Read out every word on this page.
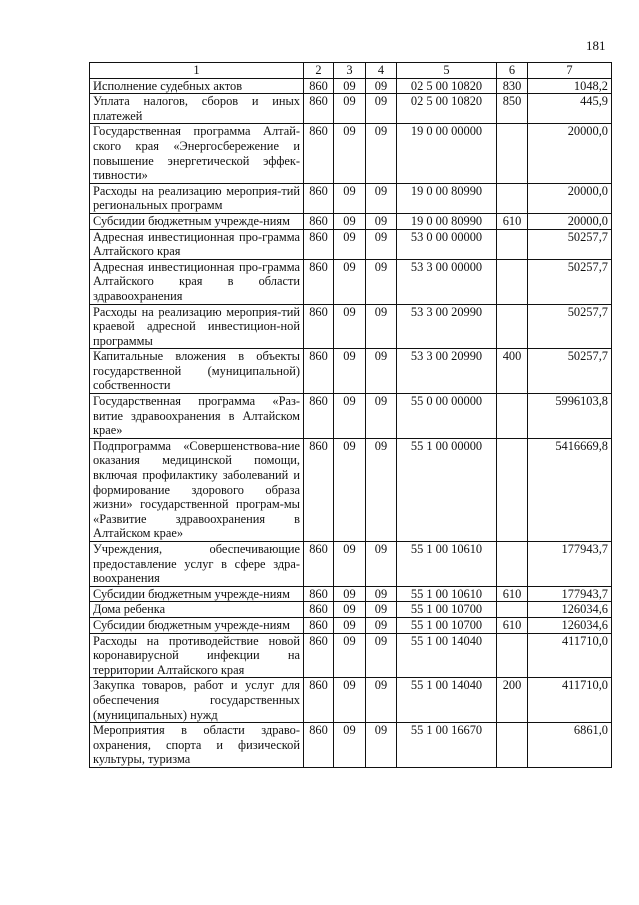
181
1	2	3	4	5	6	7
Исполнение судебных актов	860	09	09	02 5 00 10820	830	1048,2
Уплата налогов, сборов и иных платежей	860	09	09	02 5 00 10820	850	445,9
Государственная программа Алтай-ского края «Энергосбережение и повышение энергетической эффек-тивности»	860	09	09	19 0 00 00000		20000,0
Расходы на реализацию мероприя-тий региональных программ	860	09	09	19 0 00 80990		20000,0
Субсидии бюджетным учрежде-ниям	860	09	09	19 0 00 80990	610	20000,0
Адресная инвестиционная про-грамма Алтайского края	860	09	09	53 0 00 00000		50257,7
Адресная инвестиционная про-грамма Алтайского края в области здравоохранения	860	09	09	53 3 00 00000		50257,7
Расходы на реализацию мероприя-тий краевой адресной инвестицион-ной программы	860	09	09	53 3 00 20990		50257,7
Капитальные вложения в объекты государственной (муниципальной) собственности	860	09	09	53 3 00 20990	400	50257,7
Государственная программа «Раз-витие здравоохранения в Алтайском крае»	860	09	09	55 0 00 00000		5996103,8
Подпрограмма «Совершенствова-ние оказания медицинской помощи, включая профилактику заболеваний и формирование здорового образа жизни» государственной програм-мы «Развитие здравоохранения в Алтайском крае»	860	09	09	55 1 00 00000		5416669,8
Учреждения, обеспечивающие предоставление услуг в сфере здра-воохранения	860	09	09	55 1 00 10610		177943,7
Субсидии бюджетным учрежде-ниям	860	09	09	55 1 00 10610	610	177943,7
Дома ребенка	860	09	09	55 1 00 10700		126034,6
Субсидии бюджетным учрежде-ниям	860	09	09	55 1 00 10700	610	126034,6
Расходы на противодействие новой коронавирусной инфекции на территории Алтайского края	860	09	09	55 1 00 14040		411710,0
Закупка товаров, работ и услуг для обеспечения государственных (муниципальных) нужд	860	09	09	55 1 00 14040	200	411710,0
Мероприятия в области здраво-охранения, спорта и физической культуры, туризма	860	09	09	55 1 00 16670		6861,0
